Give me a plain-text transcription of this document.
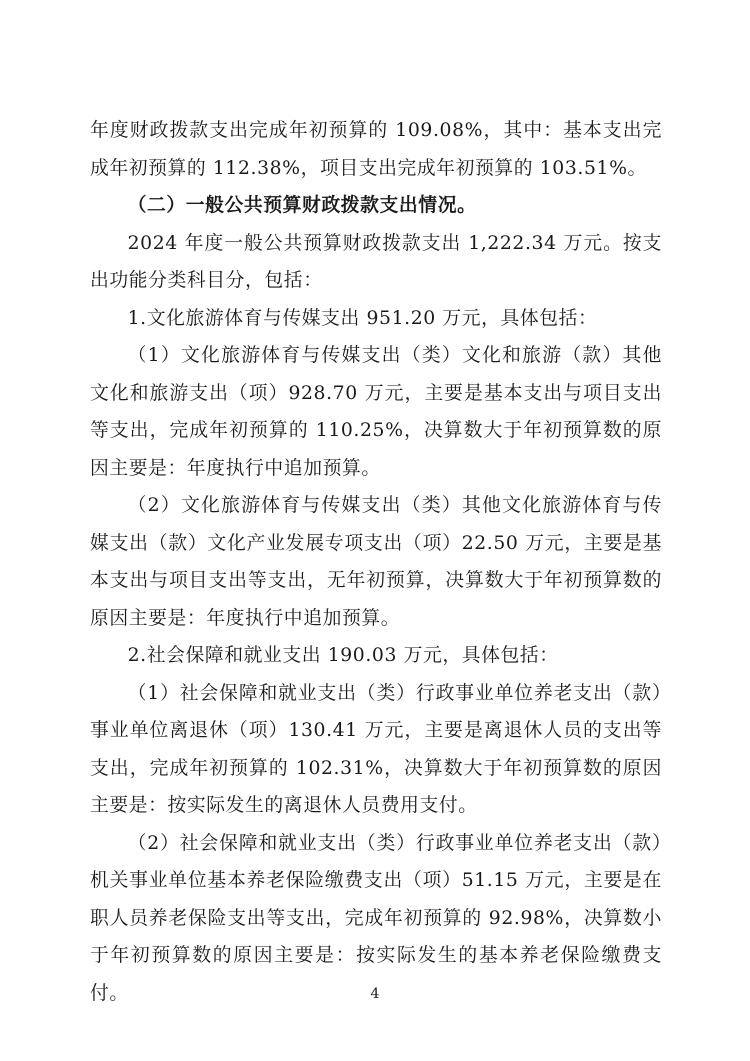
年度财政拨款支出完成年初预算的 109.08%，其中：基本支出完成年初预算的 112.38%，项目支出完成年初预算的 103.51%。

（二）一般公共预算财政拨款支出情况。

2024 年度一般公共预算财政拨款支出 1,222.34 万元。按支出功能分类科目分，包括：

1.文化旅游体育与传媒支出 951.20 万元，具体包括：

（1）文化旅游体育与传媒支出（类）文化和旅游（款）其他文化和旅游支出（项）928.70 万元，主要是基本支出与项目支出等支出，完成年初预算的 110.25%，决算数大于年初预算数的原因主要是：年度执行中追加预算。

（2）文化旅游体育与传媒支出（类）其他文化旅游体育与传媒支出（款）文化产业发展专项支出（项）22.50 万元，主要是基本支出与项目支出等支出，无年初预算，决算数大于年初预算数的原因主要是：年度执行中追加预算。

2.社会保障和就业支出 190.03 万元，具体包括：

（1）社会保障和就业支出（类）行政事业单位养老支出（款）事业单位离退休（项）130.41 万元，主要是离退休人员的支出等支出，完成年初预算的 102.31%，决算数大于年初预算数的原因主要是：按实际发生的离退休人员费用支付。

（2）社会保障和就业支出（类）行政事业单位养老支出（款）机关事业单位基本养老保险缴费支出（项）51.15 万元，主要是在职人员养老保险支出等支出，完成年初预算的 92.98%，决算数小于年初预算数的原因主要是：按实际发生的基本养老保险缴费支付。	4
